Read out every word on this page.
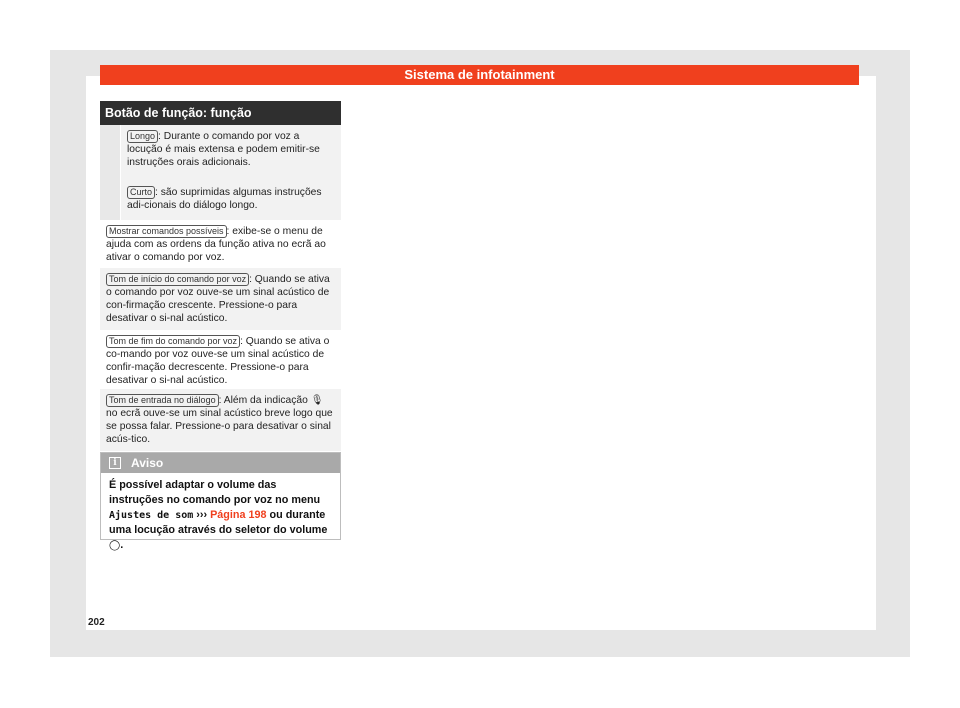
Sistema de infotainment
Botão de função: função
Longo : Durante o comando por voz a locução é mais extensa e podem emitir-se instruções orais adicionais.
Curto : são suprimidas algumas instruções adi-cionais do diálogo longo.
Mostrar comandos possíveis : exibe-se o menu de ajuda com as ordens da função ativa no ecrã ao ativar o comando por voz.
Tom de início do comando por voz : Quando se ativa o comando por voz ouve-se um sinal acústico de con-firmação crescente. Pressione-o para desativar o si-nal acústico.
Tom de fim do comando por voz : Quando se ativa o co-mando por voz ouve-se um sinal acústico de confir-mação decrescente. Pressione-o para desativar o si-nal acústico.
Tom de entrada no diálogo : Além da indicação 🎙 no ecrã ouve-se um sinal acústico breve logo que se possa falar. Pressione-o para desativar o sinal acús-tico.
i	Aviso
É possível adaptar o volume das instruções no comando por voz no menu Ajustes de som ››› Página 198 ou durante uma locução através do seletor do volume ◯.
202
